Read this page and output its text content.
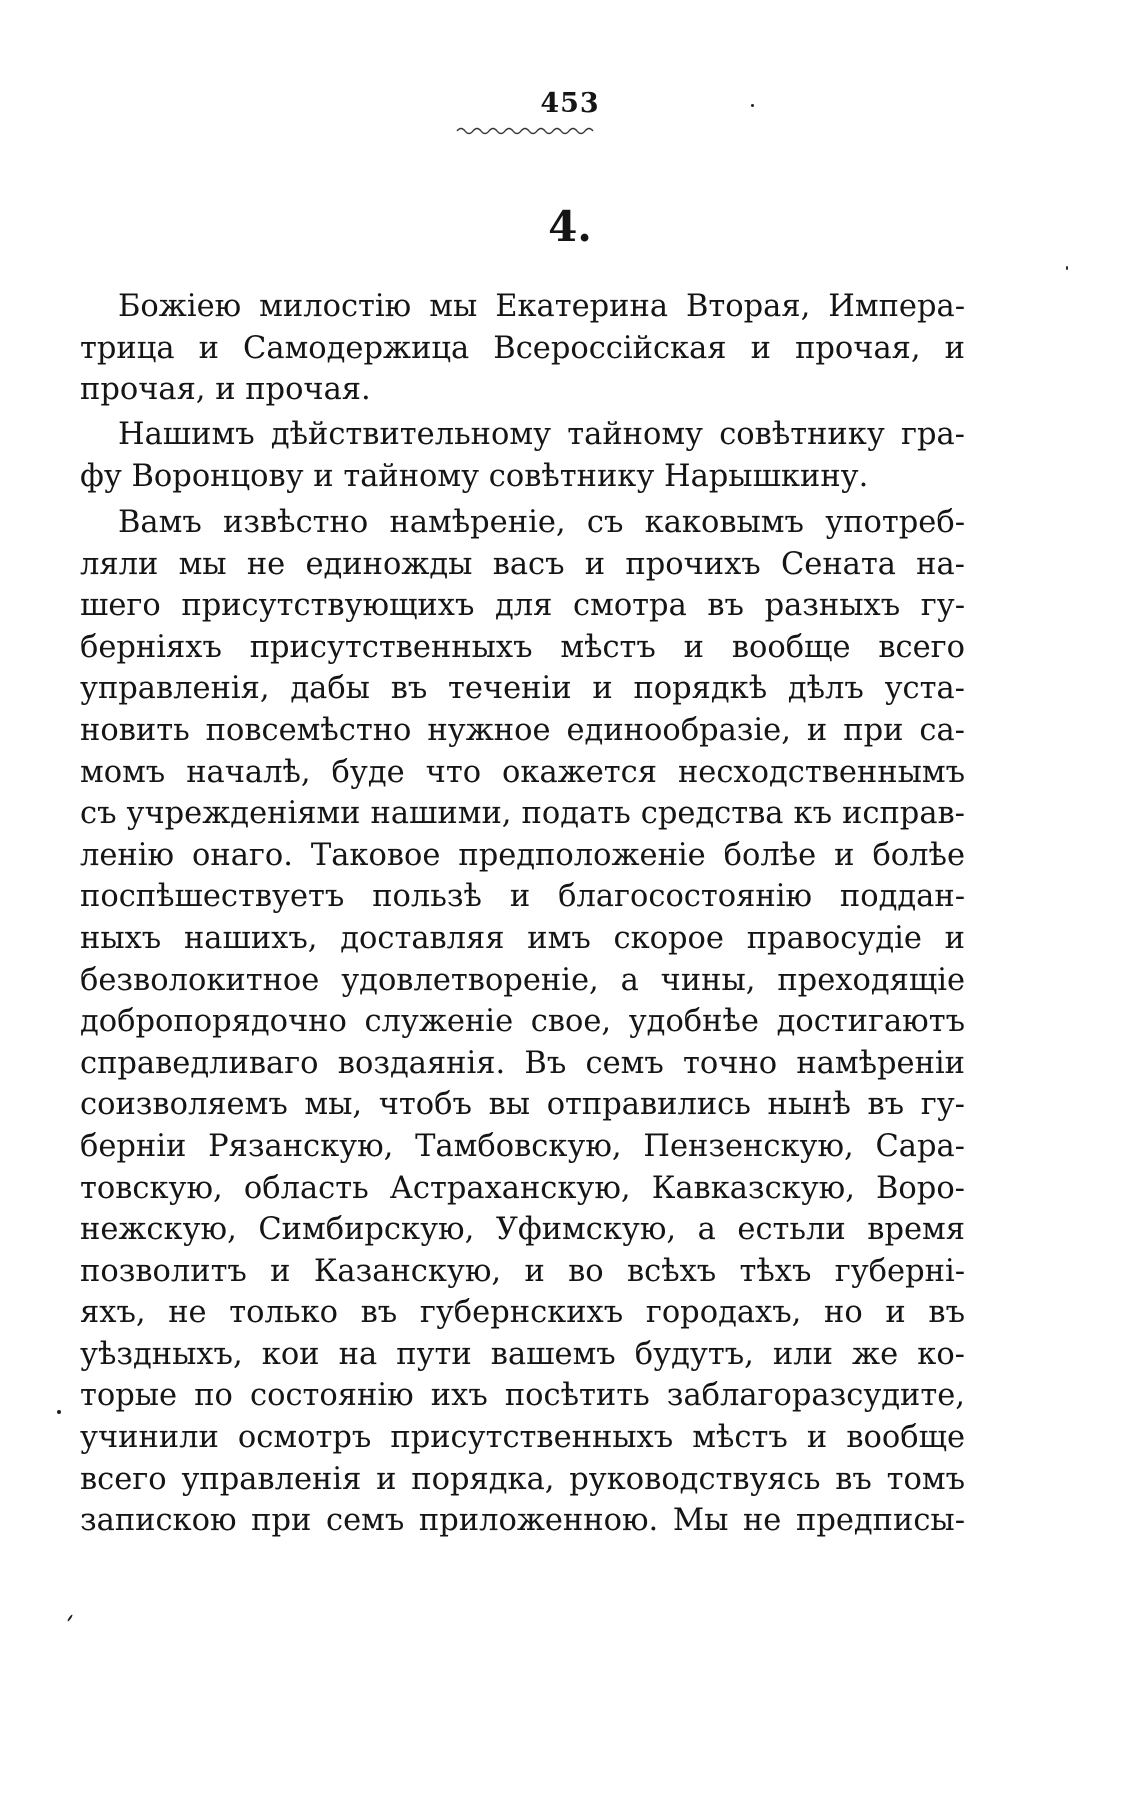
453
4.
Божіею милостію мы Екатерина Вторая, Импера-
трица и Самодержица Всероссійская и прочая, и
прочая, и прочая.
Нашимъ дѣйствительному тайному совѣтнику гра-
фу Воронцову и тайному совѣтнику Нарышкину.
Вамъ извѣстно намѣреніе, съ каковымъ употреб-
ляли мы не единожды васъ и прочихъ Сената на-
шего присутствующихъ для смотра въ разныхъ гу-
берніяхъ присутственныхъ мѣстъ и вообще всего
управленія, дабы въ теченіи и порядкѣ дѣлъ уста-
новить повсемѣстно нужное единообразіе, и при са-
момъ началѣ, буде что окажется несходственнымъ
съ учрежденіями нашими, подать средства къ исправ-
ленію онаго. Таковое предположеніе болѣе и болѣе
поспѣшествуетъ пользѣ и благосостоянію поддан-
ныхъ нашихъ, доставляя имъ скорое правосудіе и
безволокитное удовлетвореніе, а чины, преходящіе
добропорядочно служеніе свое, удобнѣе достигаютъ
справедливаго воздаянія. Въ семъ точно намѣреніи
соизволяемъ мы, чтобъ вы отправились нынѣ въ гу-
берніи Рязанскую, Тамбовскую, Пензенскую, Сара-
товскую, область Астраханскую, Кавказскую, Воро-
нежскую, Симбирскую, Уфимскую, а естьли время
позволитъ и Казанскую, и во всѣхъ тѣхъ губерні-
яхъ, не только въ губернскихъ городахъ, но и въ
уѣздныхъ, кои на пути вашемъ будутъ, или же ко-
торые по состоянію ихъ посѣтить заблагоразсудите,
учинили осмотръ присутственныхъ мѣстъ и вообще
всего управленія и порядка, руководствуясь въ томъ
запискою при семъ приложенною. Мы не предписы-
